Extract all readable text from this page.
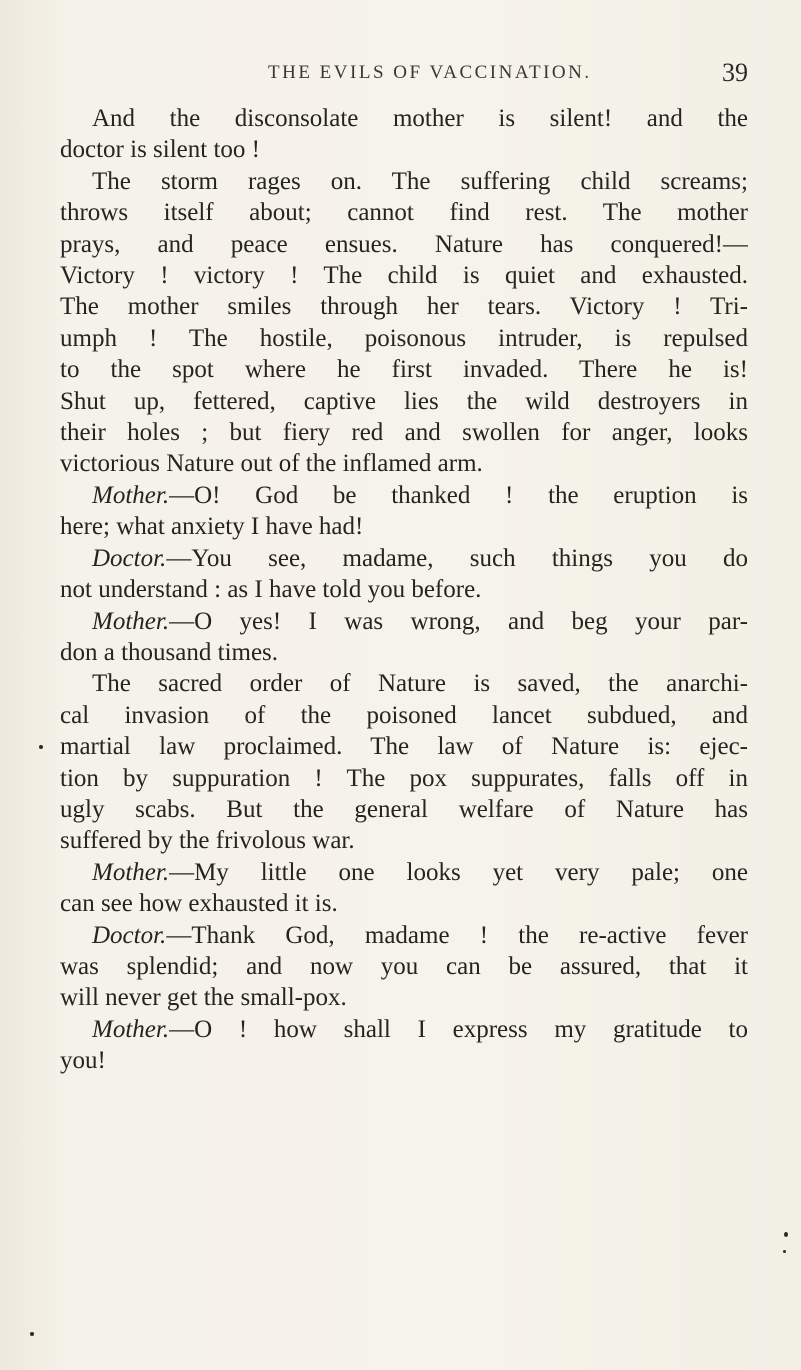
THE EVILS OF VACCINATION.	39
And the disconsolate mother is silent! and the
doctor is silent too !
The storm rages on. The suffering child screams;
throws itself about; cannot find rest. The mother
prays, and peace ensues. Nature has conquered!—
Victory ! victory ! The child is quiet and exhausted.
The mother smiles through her tears. Victory ! Tri-
umph ! The hostile, poisonous intruder, is repulsed
to the spot where he first invaded. There he is!
Shut up, fettered, captive lies the wild destroyers in
their holes ; but fiery red and swollen for anger, looks
victorious Nature out of the inflamed arm.
Mother.—O! God be thanked ! the eruption is
here; what anxiety I have had!
Doctor.—You see, madame, such things you do
not understand : as I have told you before.
Mother.—O yes! I was wrong, and beg your par-
don a thousand times.
The sacred order of Nature is saved, the anarchi-
cal invasion of the poisoned lancet subdued, and
martial law proclaimed. The law of Nature is: ejec-
tion by suppuration ! The pox suppurates, falls off in
ugly scabs. But the general welfare of Nature has
suffered by the frivolous war.
Mother.—My little one looks yet very pale; one
can see how exhausted it is.
Doctor.—Thank God, madame ! the re-active fever
was splendid; and now you can be assured, that it
will never get the small-pox.
Mother.—O ! how shall I express my gratitude to
you!
